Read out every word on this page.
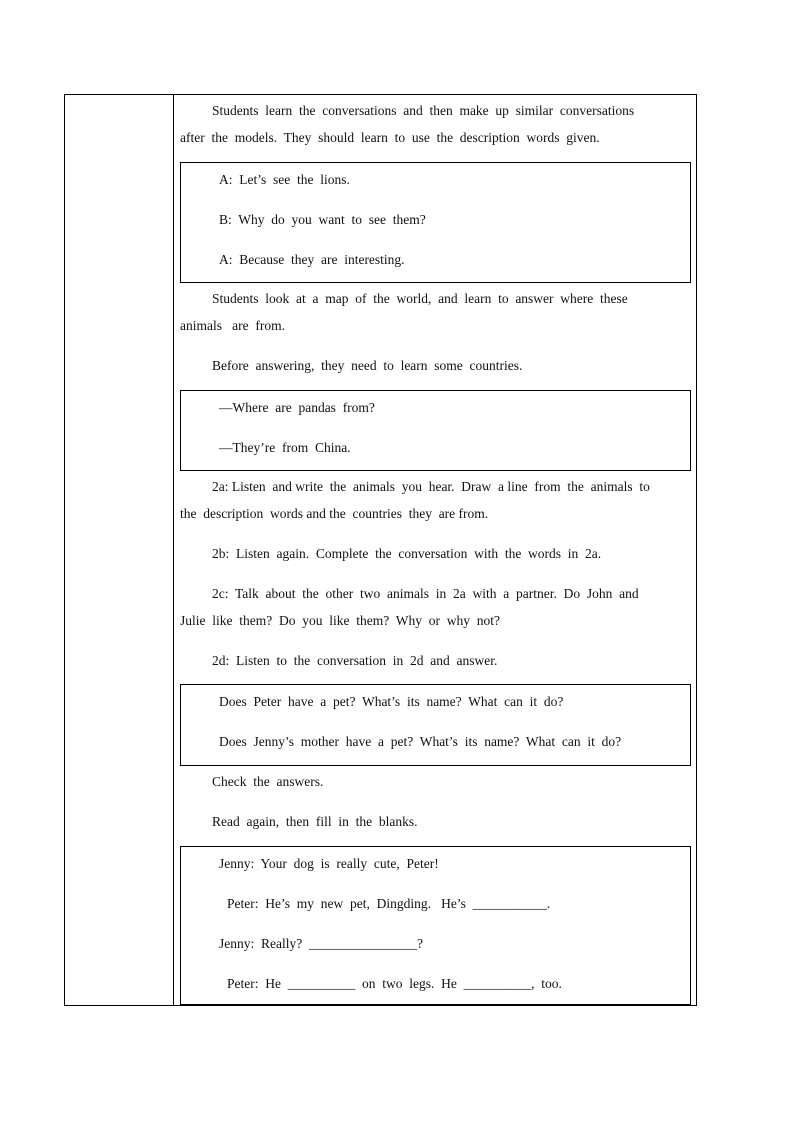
Students  learn  the  conversations  and  then  make  up  similar  conversations
after  the  models.  They  should  learn  to  use  the  description  words  given.
A:  Let’s  see  the  lions.
B:  Why  do  you  want  to  see  them?
A:  Because  they  are  interesting.
Students  look  at  a  map  of  the  world,  and  learn  to  answer  where  these
animals   are  from.
Before  answering,  they  need  to  learn  some  countries.
—Where  are  pandas  from?
—They’re  from  China.
2a: Listen  and write  the  animals  you  hear.  Draw  a line  from  the  animals  to
the  description  words and the  countries  they  are from.
2b:  Listen  again.  Complete  the  conversation  with  the  words  in  2a.
2c:  Talk  about  the  other  two  animals  in  2a  with  a  partner.  Do  John  and
Julie  like  them?  Do  you  like  them?  Why  or  why  not?
2d:  Listen  to  the  conversation  in  2d  and  answer.
Does  Peter  have  a  pet?  What’s  its  name?  What  can  it  do?
Does  Jenny’s  mother  have  a  pet?  What’s  its  name?  What  can  it  do?
Check  the  answers.
Read  again,  then  fill  in  the  blanks.
Jenny:  Your  dog  is  really  cute,  Peter!
Peter:  He’s  my  new  pet,  Dingding.   He’s  ___________.
Jenny:  Really?  ________________?
Peter:  He  __________  on  two  legs.  He  __________,  too.
